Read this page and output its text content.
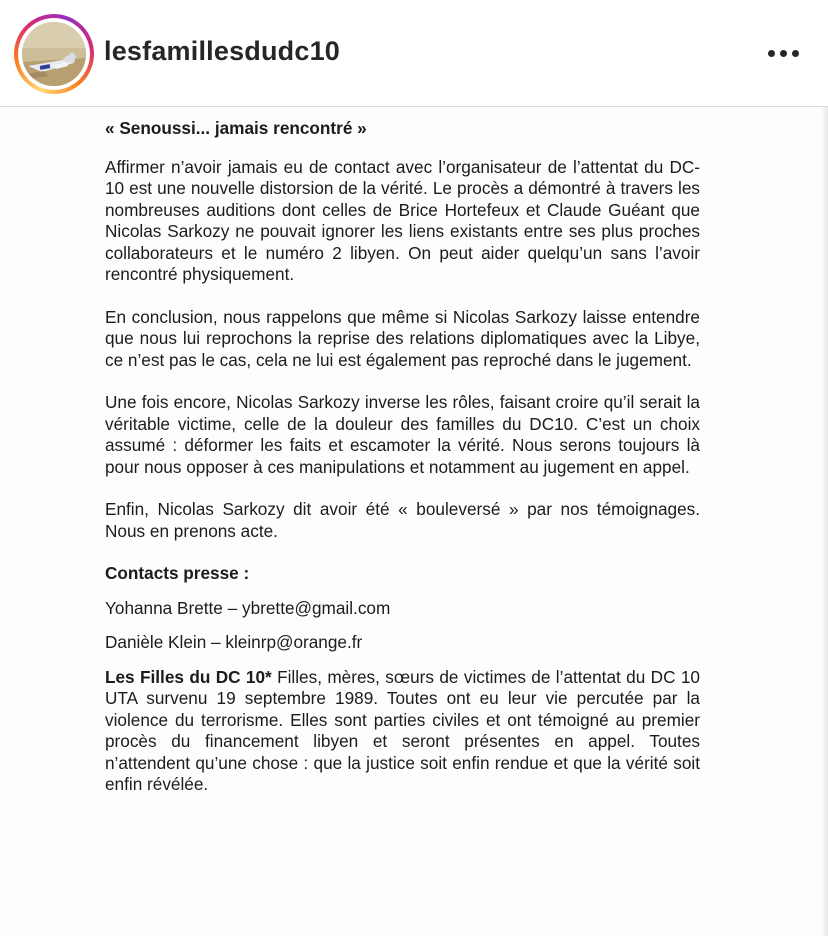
lesfamillesdudc10

« Senoussi... jamais rencontré »

Affirmer n’avoir jamais eu de contact avec l’organisateur de l’attentat du DC-10 est une nouvelle distorsion de la vérité. Le procès a démontré à travers les nombreuses auditions dont celles de Brice Hortefeux et Claude Guéant que Nicolas Sarkozy ne pouvait ignorer les liens existants entre ses plus proches collaborateurs et le numéro 2 libyen. On peut aider quelqu’un sans l’avoir rencontré physiquement.

En conclusion, nous rappelons que même si Nicolas Sarkozy laisse entendre que nous lui reprochons la reprise des relations diplomatiques avec la Libye, ce n’est pas le cas, cela ne lui est également pas reproché dans le jugement.

Une fois encore, Nicolas Sarkozy inverse les rôles, faisant croire qu’il serait la véritable victime, celle de la douleur des familles du DC10. C’est un choix assumé : déformer les faits et escamoter la vérité. Nous serons toujours là pour nous opposer à ces manipulations et notamment au jugement en appel.

Enfin, Nicolas Sarkozy dit avoir été « bouleversé » par nos témoignages. Nous en prenons acte.

Contacts presse :

Yohanna Brette – ybrette@gmail.com

Danièle Klein – kleinrp@orange.fr

Les Filles du DC 10* Filles, mères, sœurs de victimes de l’attentat du DC 10 UTA survenu 19 septembre 1989. Toutes ont eu leur vie percutée par la violence du terrorisme. Elles sont parties civiles et ont témoigné au premier procès du financement libyen et seront présentes en appel. Toutes n’attendent qu’une chose : que la justice soit enfin rendue et que la vérité soit enfin révélée.
